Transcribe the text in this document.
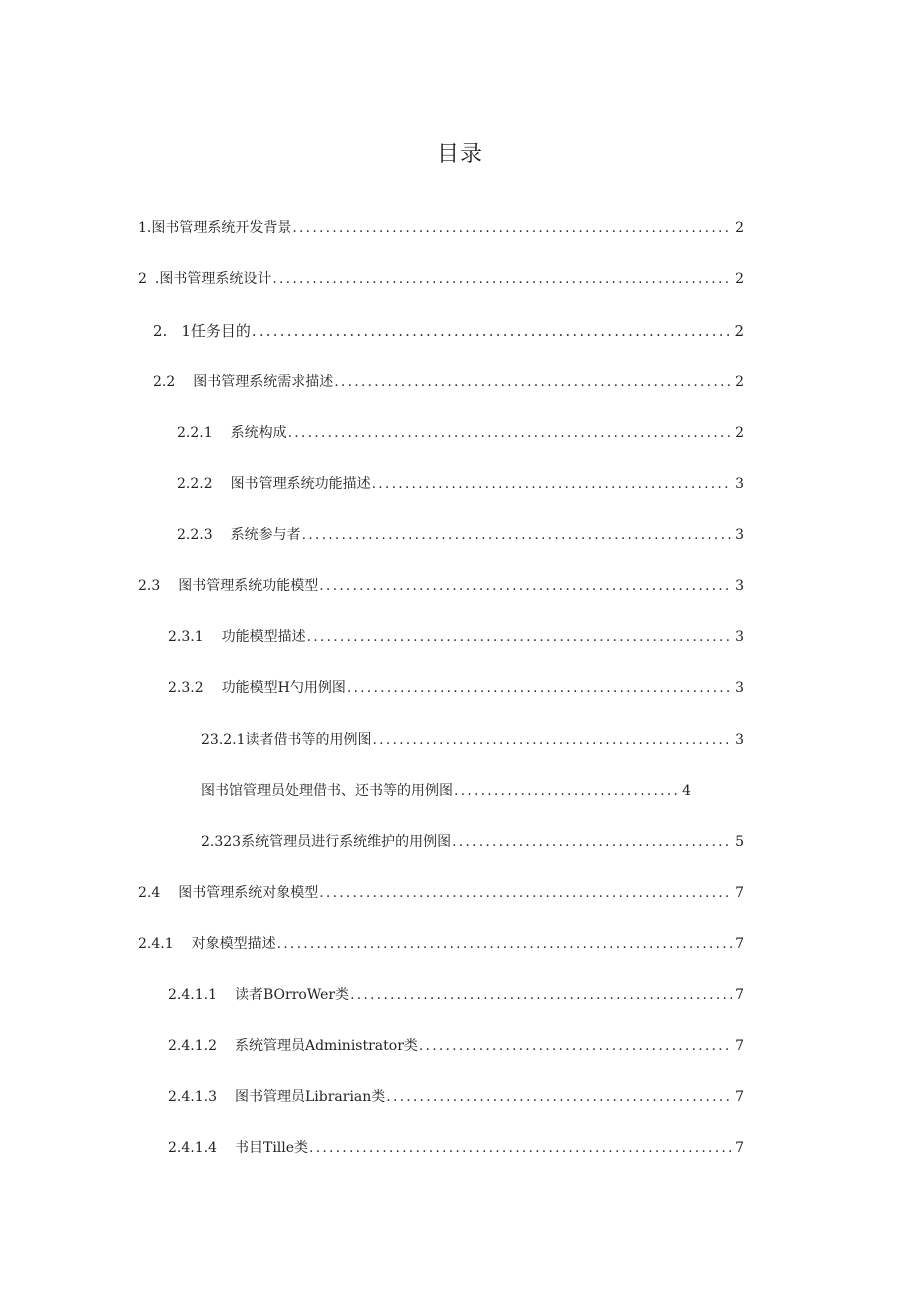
目录
1 .图书管理系统开发背景 .....	2
2 .图书管理系统设计 .....	2
2. 1任务目的 .....	2
2.2 图书管理系统需求描述 .....	2
2.2.1 系统构成 .....	2
2.2.2 图书管理系统功能描述 .....	3
2.2.3 系统参与者 .....	3
2.3 图书管理系统功能模型 .....	3
2.3.1 功能模型描述 .....	3
2.3.2 功能模型H勺用例图 .....	3
23.2.1读者借书等的用例图 .....	3
图书馆管理员处理借书、还书等的用例图 .....	4
2.323系统管理员进行系统维护的用例图 .....	5
2.4 图书管理系统对象模型 .....	7
2.4.1 对象模型描述 .....	7
2.4.1.1 读者BOrroWer类 .....	7
2.4.1.2 系统管理员Administrator类 .....	7
2.4.1.3 图书管理员Librarian类 .....	7
2.4.1.4 书目Tille类 .....	7
